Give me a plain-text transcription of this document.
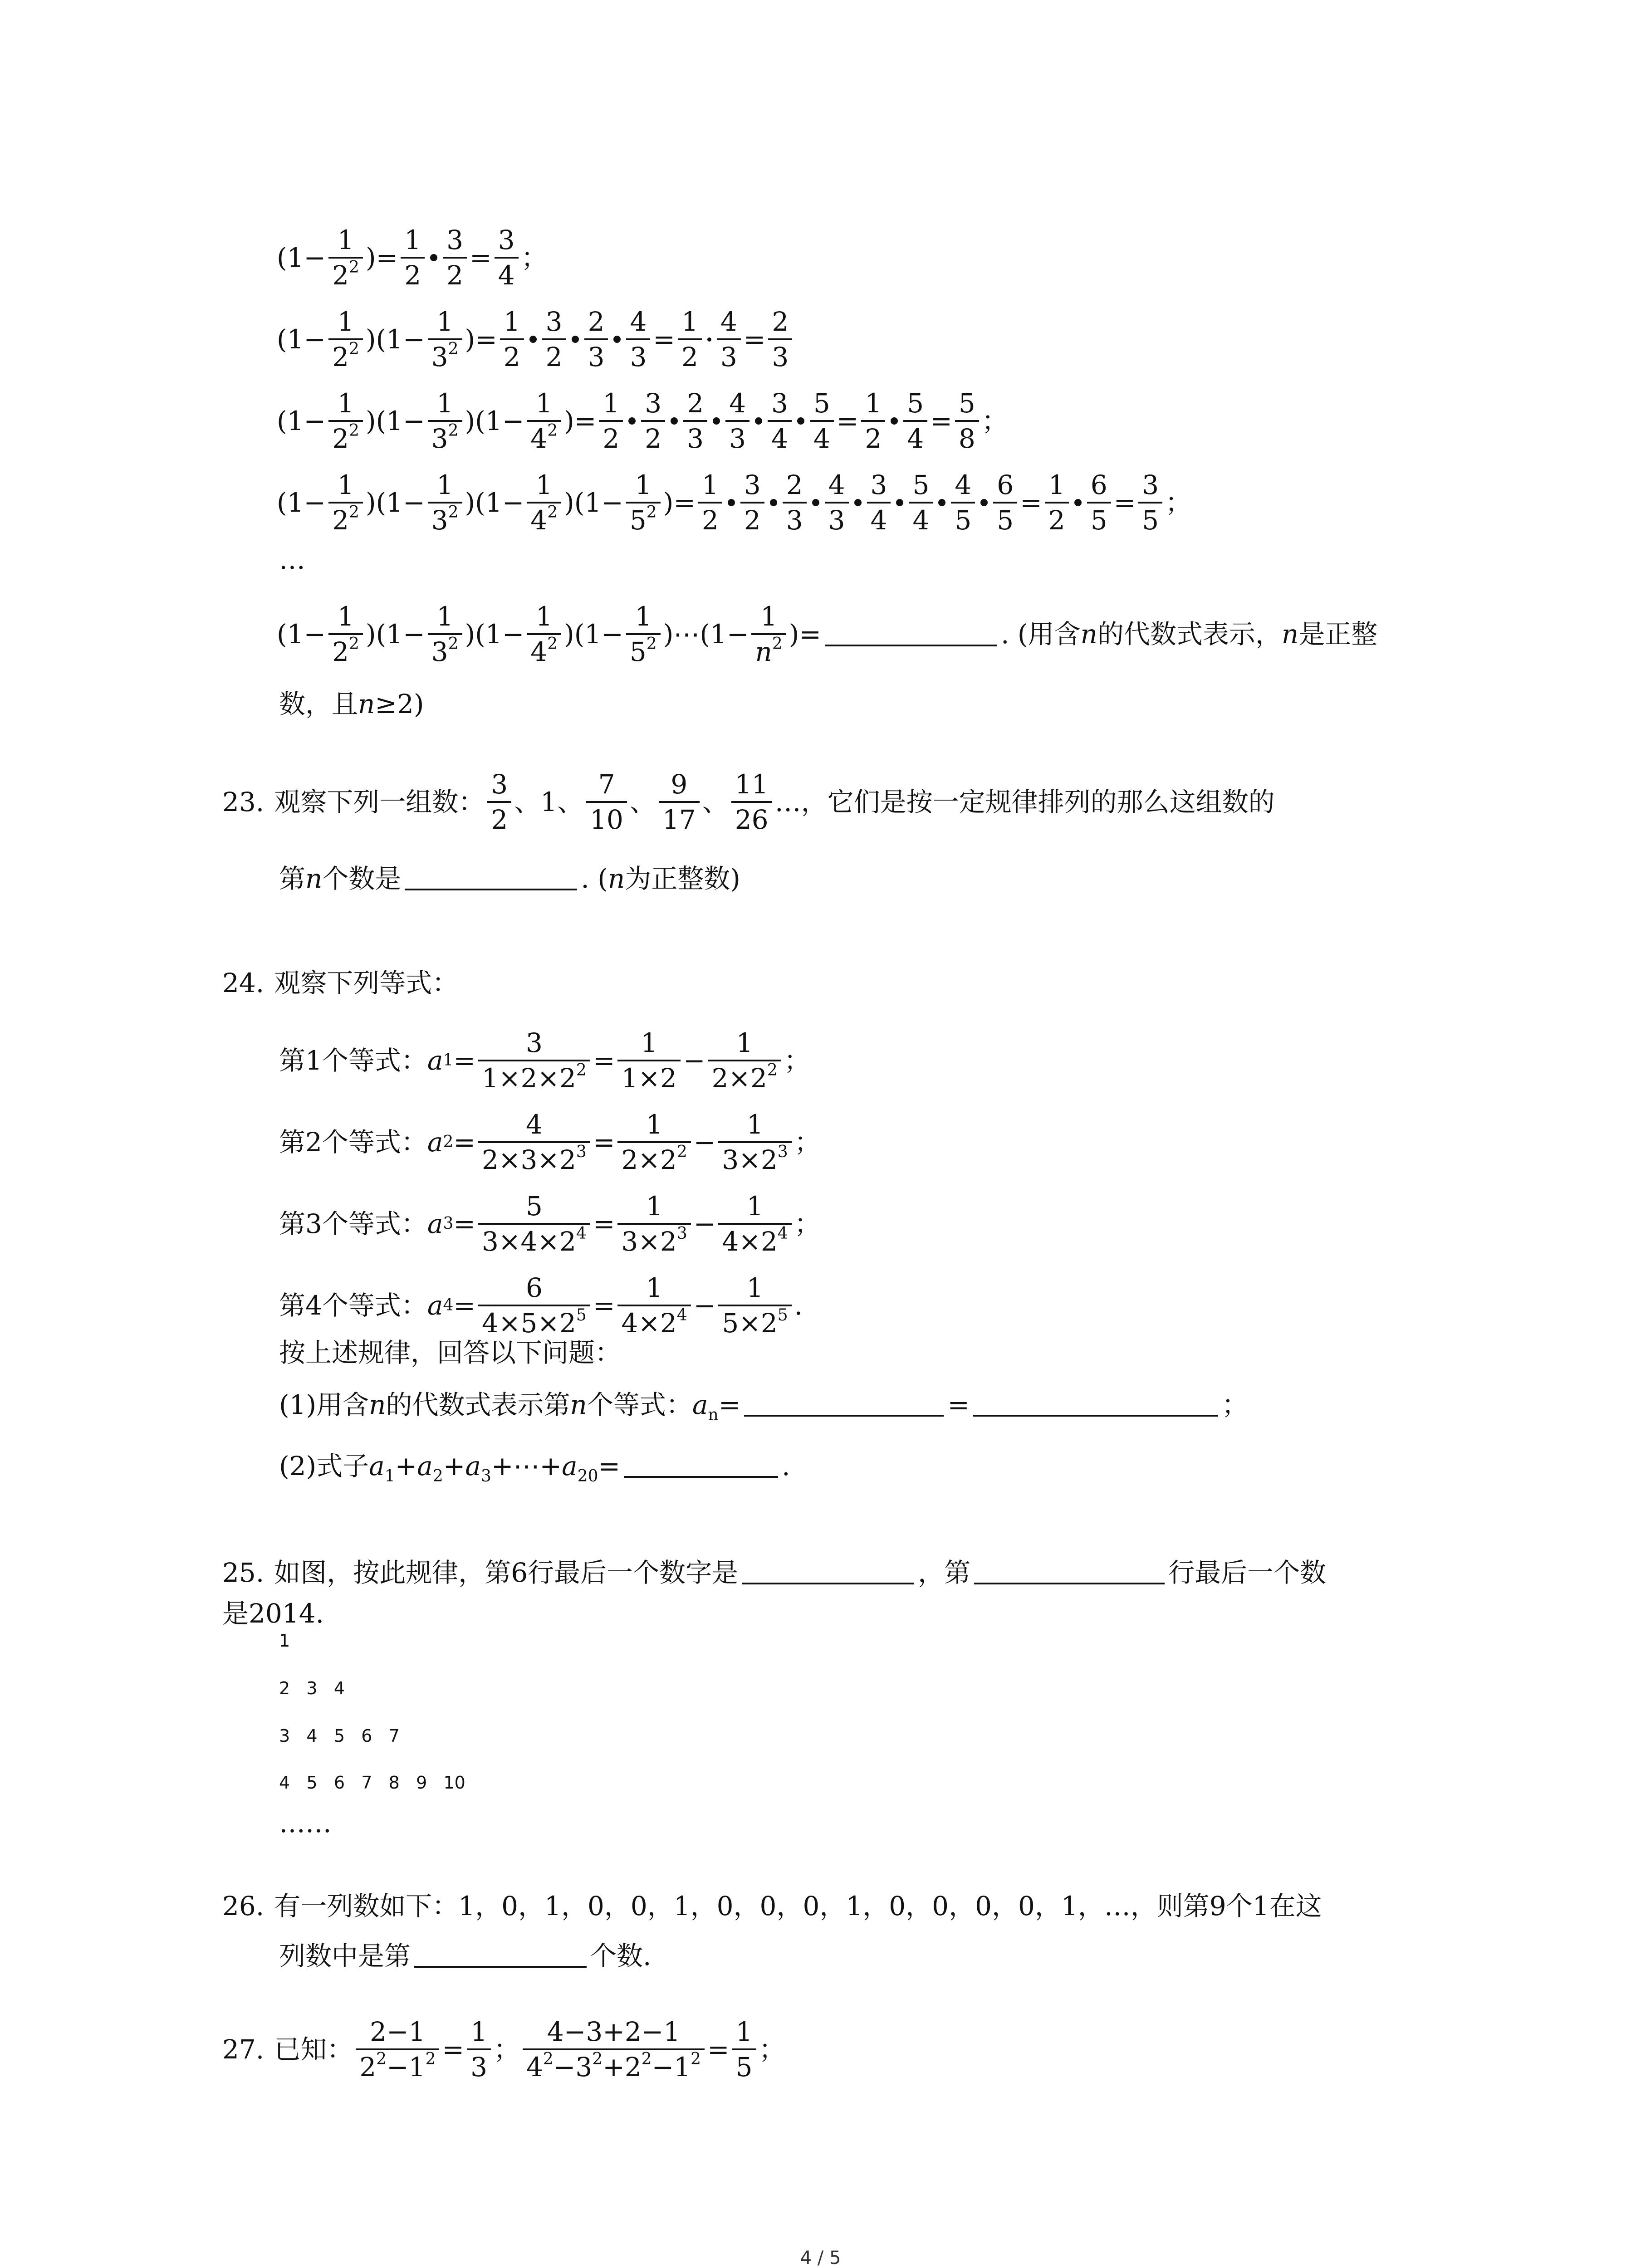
($1- \frac{1}{2^2}$ )= $\frac{1}{2} \frac{3}{2} = \frac{3}{4}$ ；
$(1- \frac{1}{2^2} )(1- \frac{1}{3^2}$ )= $\frac{1}{2} \frac{3}{2} \frac{2}{3} \frac{4}{3} = \frac{1}{2} \frac{4}{3} = \frac{2}{3}$
$(1- \frac{1}{2^2} )(1- \frac{1}{3^2} )(1- \frac{1}{4^2}$ )= $\frac{1}{2} \frac{3}{2} \frac{2}{3} \frac{4}{3} \frac{3}{4} \frac{5}{4} = \frac{1}{2} \frac{5}{4} = \frac{5}{8}$ ；
$(1- \frac{1}{2^2} )(1- \frac{1}{3^2} )(1- \frac{1}{4^2} )(1- \frac{1}{5^2}$ )= $\frac{1}{2} \frac{3}{2} \frac{2}{3} \frac{4}{3} \frac{3}{4} \frac{5}{4} \frac{4}{5} \frac{6}{5} = \frac{1}{2} \frac{6}{5} = \frac{3}{5}$ ；
…
$(1- \frac{1}{2^2} )(1- \frac{1}{3^2} )(1- \frac{1}{4^2} )(1- \frac{1}{5^2}$ )⋯(1− $\frac{1}{n^2}$ )=	. (用含 n 的代数式表示， n 是正整
数，且n≥2)
23. 观察下列一组数： $\frac{3}{2}$ 、 1 、 $\frac{7}{10}$ 、 $\frac{9}{17}$ 、 $\frac{11}{26}$ …，它们是按一定规律排列的那么这组数的
第n个数是	. (n为正整数)
24. 观察下列等式：
第1个等式： a $1 = \frac{3}{1\times 2\times 2^2} = \frac{1}{1\times 2} - \frac{1}{2\times 2^2}$ ；
第2个等式： a $2 = \frac{4}{2\times 3\times 2^3} = \frac{1}{2\times 2^2} - \frac{1}{3\times 2^3}$ ；
第3个等式： a $3 = \frac{5}{3\times 4\times 2^4} = \frac{1}{3\times 2^3} - \frac{1}{4\times 2^4}$ ；
第4个等式： a $4 = \frac{6}{4\times 5\times 2^5} = \frac{1}{4\times 2^4} - \frac{1}{5\times 2^5}$ .
按上述规律，回答以下问题：
(1)用含n的代数式表示第n个等式：$a_n=$	=	；
(2)式子$a_1+a_2+a_3+\cdots+a_{20}=$	.
25. 如图，按此规律，第6行最后一个数字是	，第	行最后一个数
是2014.
1
2   3   4
3   4   5   6   7
4   5   6   7   8   9   10
……
26. 有一列数如下：1，0，1，0，0，1，0，0，0，1，0，0，0，0，1，…，则第9个1在这
列数中是第	个数.
27. 已知： $\frac{2-1}{2^2-1^2} = \frac{1}{3}$ ； $\frac{4-3+2-1}{4^2-3^2+2^2-1^2} = \frac{1}{5}$ ；
4 / 5
